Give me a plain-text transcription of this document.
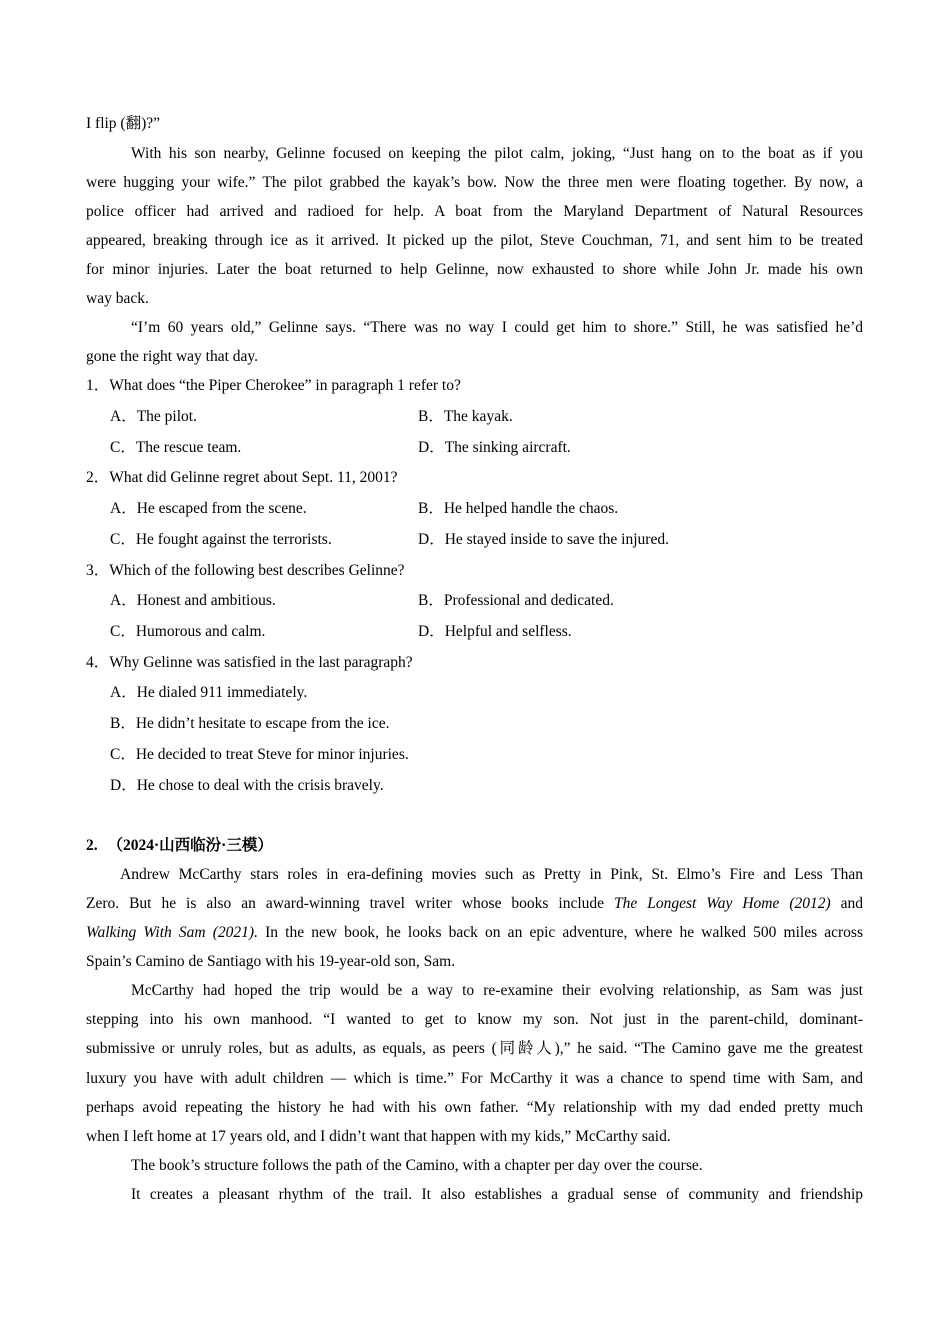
I flip (翻)?”
With his son nearby, Gelinne focused on keeping the pilot calm, joking, “Just hang on to the boat as if you
were hugging your wife.” The pilot grabbed the kayak’s bow. Now the three men were floating together. By now, a
police officer had arrived and radioed for help. A boat from the Maryland Department of Natural Resources
appeared, breaking through ice as it arrived. It picked up the pilot, Steve Couchman, 71, and sent him to be treated
for minor injuries. Later the boat returned to help Gelinne, now exhausted to shore while John Jr. made his own
way back.
“I’m 60 years old,” Gelinne says. “There was no way I could get him to shore.” Still, he was satisfied he’d
gone the right way that day.
1．What does “the Piper Cherokee” in paragraph 1 refer to?
A．The pilot.	B．The kayak.
C．The rescue team.	D．The sinking aircraft.
2．What did Gelinne regret about Sept. 11, 2001?
A．He escaped from the scene.	B．He helped handle the chaos.
C．He fought against the terrorists.	D．He stayed inside to save the injured.
3．Which of the following best describes Gelinne?
A．Honest and ambitious.	B．Professional and dedicated.
C．Humorous and calm.	D．Helpful and selfless.
4．Why Gelinne was satisfied in the last paragraph?
A．He dialed 911 immediately.
B．He didn’t hesitate to escape from the ice.
C．He decided to treat Steve for minor injuries.
D．He chose to deal with the crisis bravely.
2. （2024·山西临汾·三模）
Andrew McCarthy stars roles in era-defining movies such as Pretty in Pink, St. Elmo’s Fire and Less Than
Zero. But he is also an award-winning travel writer whose books include The Longest Way Home (2012) and
Walking With Sam (2021). In the new book, he looks back on an epic adventure, where he walked 500 miles across
Spain’s Camino de Santiago with his 19-year-old son, Sam.
McCarthy had hoped the trip would be a way to re-examine their evolving relationship, as Sam was just
stepping into his own manhood. “I wanted to get to know my son. Not just in the parent-child, dominant-
submissive or unruly roles, but as adults, as equals, as peers (同龄人),” he said. “The Camino gave me the greatest
luxury you have with adult children — which is time.” For McCarthy it was a chance to spend time with Sam, and
perhaps avoid repeating the history he had with his own father. “My relationship with my dad ended pretty much
when I left home at 17 years old, and I didn’t want that happen with my kids,” McCarthy said.
The book’s structure follows the path of the Camino, with a chapter per day over the course.
It creates a pleasant rhythm of the trail. It also establishes a gradual sense of community and friendship
